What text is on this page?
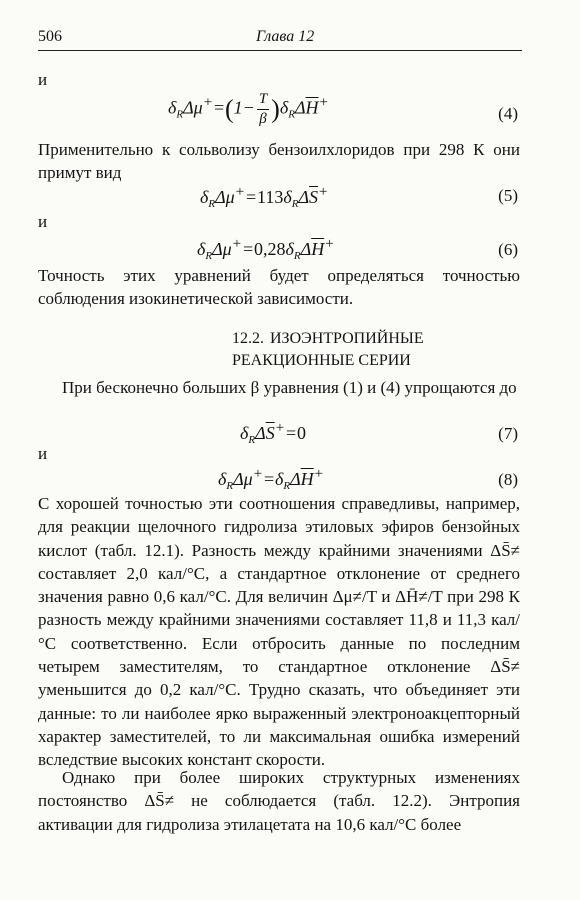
506	Глава 12
и
$\delta_R\Delta\mu^+=(1- \frac{T}{\beta} )\delta_R\Delta\overline{H}^+$
(4)
Применительно к сольволизу бензоилхлоридов при 298 К они примут вид
$\delta_R\Delta\mu^+=113\delta_R\Delta\overline{S}^+$	(5)
и
$\delta_R\Delta\mu^+=0,28\delta_R\Delta\overline{H}^+$	(6)
Точность этих уравнений будет определяться точностью соблюдения изокинетической зависимости.
12.2. ИЗОЭНТРОПИЙНЫЕ
РЕАКЦИОННЫЕ СЕРИИ
При бесконечно больших β уравнения (1) и (4) упрощаются до
$\delta_R\Delta\overline{S}^+=0$	(7)
и
$\delta_R\Delta\mu^+=\delta_R\Delta\overline{H}^+$	(8)
С хорошей точностью эти соотношения справедливы, например, для реакции щелочного гидролиза этиловых эфиров бензойных кислот (табл. 12.1). Разность между крайними значениями ΔS̄≠ составляет 2,0 кал/°С, а стандартное отклонение от среднего значения равно 0,6 кал/°С. Для величин Δμ≠/T и ΔH̄≠/T при 298 К разность между крайними значениями составляет 11,8 и 11,3 кал/°С соответственно. Если отбросить данные по последним четырем заместителям, то стандартное отклонение ΔS̄≠ уменьшится до 0,2 кал/°С. Трудно сказать, что объединяет эти данные: то ли наиболее ярко выраженный электроноакцепторный характер заместителей, то ли максимальная ошибка измерений вследствие высоких констант скорости.
Однако при более широких структурных изменениях постоянство ΔS̄≠ не соблюдается (табл. 12.2). Энтропия активации для гидролиза этилацетата на 10,6 кал/°С более
